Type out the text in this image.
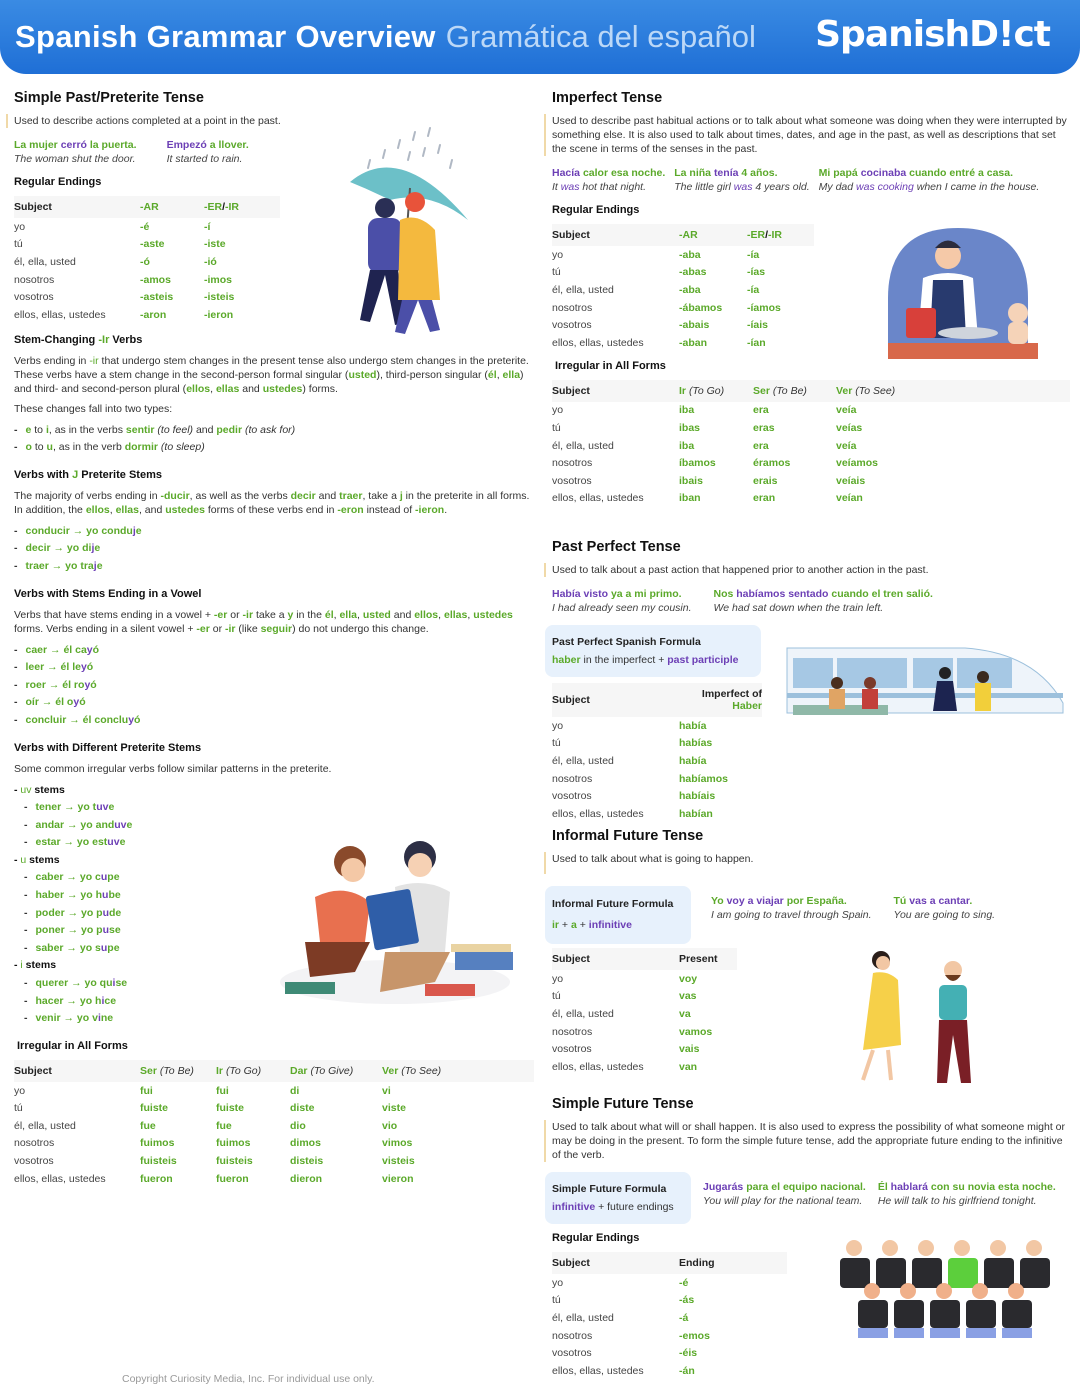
Spanish Grammar Overview Gramática del español SpanishD!ct
Simple Past/Preterite Tense
Used to describe actions completed at a point in the past.
La mujer cerró la puerta.
The woman shut the door.
Empezó a llover.
It started to rain.
Regular Endings
Subject	-AR	-ER/-IR
yo	-é	-í
tú	-aste	-iste
él, ella, usted	-ó	-ió
nosotros	-amos	-imos
vosotros	-asteis	-isteis
ellos, ellas, ustedes	-aron	-ieron
Stem-Changing -Ir Verbs
Verbs ending in -ir that undergo stem changes in the present tense also undergo stem changes in the preterite. These verbs have a stem change in the second-person formal singular (usted), third-person singular (él, ella) and third- and second-person plural (ellos, ellas and ustedes) forms.
These changes fall into two types:
- e to i, as in the verbs sentir (to feel) and pedir (to ask for)
- o to u, as in the verb dormir (to sleep)
Verbs with J Preterite Stems
The majority of verbs ending in -ducir, as well as the verbs decir and traer, take a j in the preterite in all forms. In addition, the ellos, ellas, and ustedes forms of these verbs end in -eron instead of -ieron.
- conducir → yo conduje
- decir → yo dije
- traer → yo traje
Verbs with Stems Ending in a Vowel
Verbs that have stems ending in a vowel + -er or -ir take a y in the él, ella, usted and ellos, ellas, ustedes forms. Verbs ending in a silent vowel + -er or -ir (like seguir) do not undergo this change.
- caer → él cayó
- leer → él leyó
- roer → él royó
- oír → él oyó
- concluir → él concluyó
Verbs with Different Preterite Stems
Some common irregular verbs follow similar patterns in the preterite.
- uv stems
- tener → yo tuve
- andar → yo anduve
- estar → yo estuve
- u stems
- caber → yo cupe
- haber → yo hube
- poder → yo pude
- poner → yo puse
- saber → yo supe
- i stems
- querer → yo quise
- hacer → yo hice
- venir → yo vine
Irregular in All Forms
Subject	Ser (To Be)	Ir (To Go)	Dar (To Give)	Ver (To See)
yo	fui	fui	di	vi
tú	fuiste	fuiste	diste	viste
él, ella, usted	fue	fue	dio	vio
nosotros	fuimos	fuimos	dimos	vimos
vosotros	fuisteis	fuisteis	disteis	visteis
ellos, ellas, ustedes	fueron	fueron	dieron	vieron
Imperfect Tense
Used to describe past habitual actions or to talk about what someone was doing when they were interrupted by something else. It is also used to talk about times, dates, and age in the past, as well as descriptions that set the scene in terms of the senses in the past.
Hacía calor esa noche.
It was hot that night.
La niña tenía 4 años.
The little girl was 4 years old.
Mi papá cocinaba cuando entré a casa.
My dad was cooking when I came in the house.
Regular Endings
Subject	-AR	-ER/-IR
yo	-aba	-ía
tú	-abas	-ías
él, ella, usted	-aba	-ía
nosotros	-ábamos	-íamos
vosotros	-abais	-íais
ellos, ellas, ustedes	-aban	-ían
Irregular in All Forms
Subject	Ir (To Go)	Ser (To Be)	Ver (To See)
yo	iba	era	veía
tú	ibas	eras	veías
él, ella, usted	iba	era	veía
nosotros	íbamos	éramos	veíamos
vosotros	ibais	erais	veíais
ellos, ellas, ustedes	iban	eran	veían
Past Perfect Tense
Used to talk about a past action that happened prior to another action in the past.
Había visto ya a mi primo.
I had already seen my cousin.
Nos habíamos sentado cuando el tren salió.
We had sat down when the train left.
Past Perfect Spanish Formula
haber in the imperfect + past participle
Subject	Imperfect of Haber
yo	había
tú	habías
él, ella, usted	había
nosotros	habíamos
vosotros	habíais
ellos, ellas, ustedes	habían
Informal Future Tense
Used to talk about what is going to happen.
Informal Future Formula
ir + a + infinitive
Yo voy a viajar por España.
I am going to travel through Spain.
Tú vas a cantar.
You are going to sing.
Subject	Present
yo	voy
tú	vas
él, ella, usted	va
nosotros	vamos
vosotros	vais
ellos, ellas, ustedes	van
Simple Future Tense
Used to talk about what will or shall happen. It is also used to express the possibility of what someone might or may be doing in the present. To form the simple future tense, add the appropriate future ending to the infinitive of the verb.
Simple Future Formula
infinitive + future endings
Jugarás para el equipo nacional.
You will play for the national team.
Él hablará con su novia esta noche.
He will talk to his girlfriend tonight.
Regular Endings
Subject	Ending
yo	-é
tú	-ás
él, ella, usted	-á
nosotros	-emos
vosotros	-éis
ellos, ellas, ustedes	-án
Copyright Curiosity Media, Inc. For individual use only.
